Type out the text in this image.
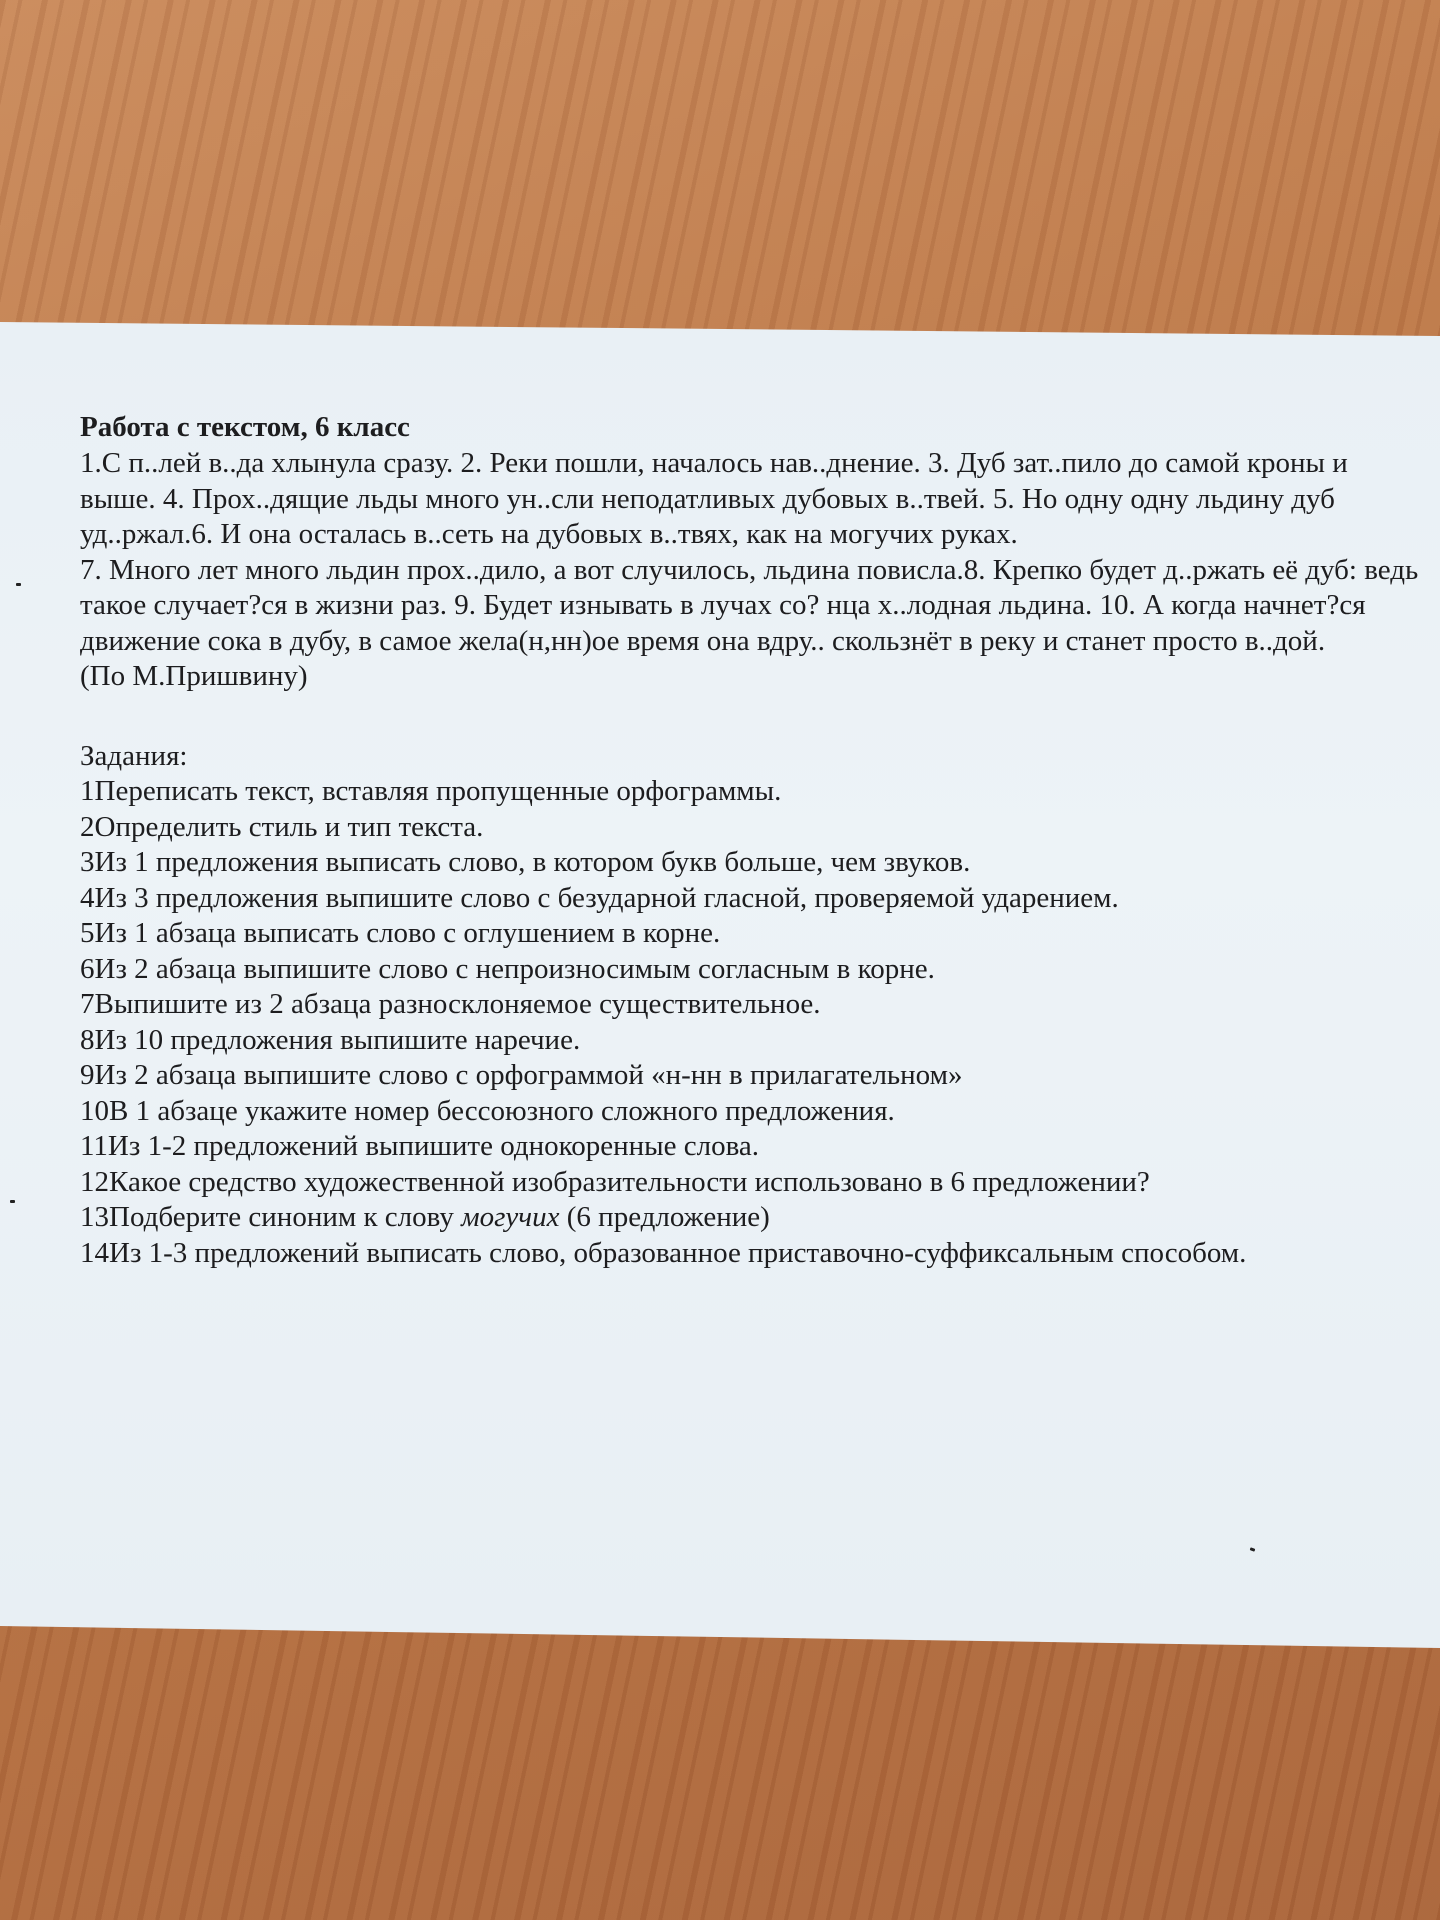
Работа с текстом, 6 класс

1.С п..лей в..да хлынула сразу. 2. Реки пошли, началось нав..днение. 3. Дуб зат..пило до самой кроны и выше. 4. Прох..дящие льды много ун..сли неподатливых дубовых в..твей. 5. Но одну одну льдину дуб уд..ржал.6. И она осталась в..сеть на дубовых в..твях, как на могучих руках.

7. Много лет много льдин прох..дило, а вот случилось, льдина повисла.8. Крепко будет д..ржать её дуб: ведь такое случает?ся в жизни раз. 9. Будет изнывать в лучах со? нца х..лодная льдина. 10. А когда начнет?ся движение сока в дубу, в самое жела(н,нн)ое время она вдру.. скользнёт в реку и станет просто в..дой.

(По М.Пришвину)

Задания:

1Переписать текст, вставляя пропущенные орфограммы.
2Определить стиль и тип текста.
3Из 1 предложения выписать слово, в котором букв больше, чем звуков.
4Из 3 предложения выпишите слово с безударной гласной, проверяемой ударением.
5Из 1 абзаца выписать слово с оглушением в корне.
6Из 2 абзаца выпишите слово с непроизносимым согласным в корне.
7Выпишите из 2 абзаца разносклоняемое существительное.
8Из 10 предложения выпишите наречие.
9Из 2 абзаца выпишите слово с орфограммой «н-нн в прилагательном»
10В 1 абзаце укажите номер бессоюзного сложного предложения.
11Из 1-2 предложений выпишите однокоренные слова.
12Какое средство художественной изобразительности использовано в 6 предложении?
13Подберите синоним к слову могучих (6 предложение)
14Из 1-3 предложений выписать слово, образованное приставочно-суффиксальным способом.
